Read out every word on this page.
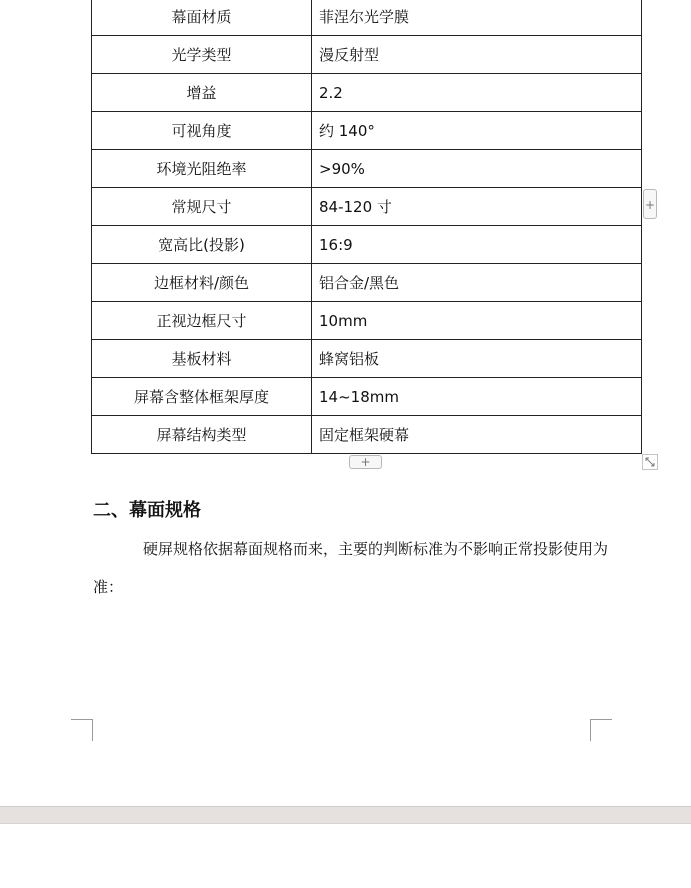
幕面材质	菲涅尔光学膜
光学类型	漫反射型
增益	2.2
可视角度	约 140°
环境光阻绝率	>90%
常规尺寸	84-120 寸
宽高比(投影)	16:9
边框材料/颜色	铝合金/黑色
正视边框尺寸	10mm
基板材料	蜂窝铝板
屏幕含整体框架厚度	14~18mm
屏幕结构类型	固定框架硬幕
+
+
二、幕面规格

硬屏规格依据幕面规格而来，主要的判断标准为不影响正常投影使用为准：
